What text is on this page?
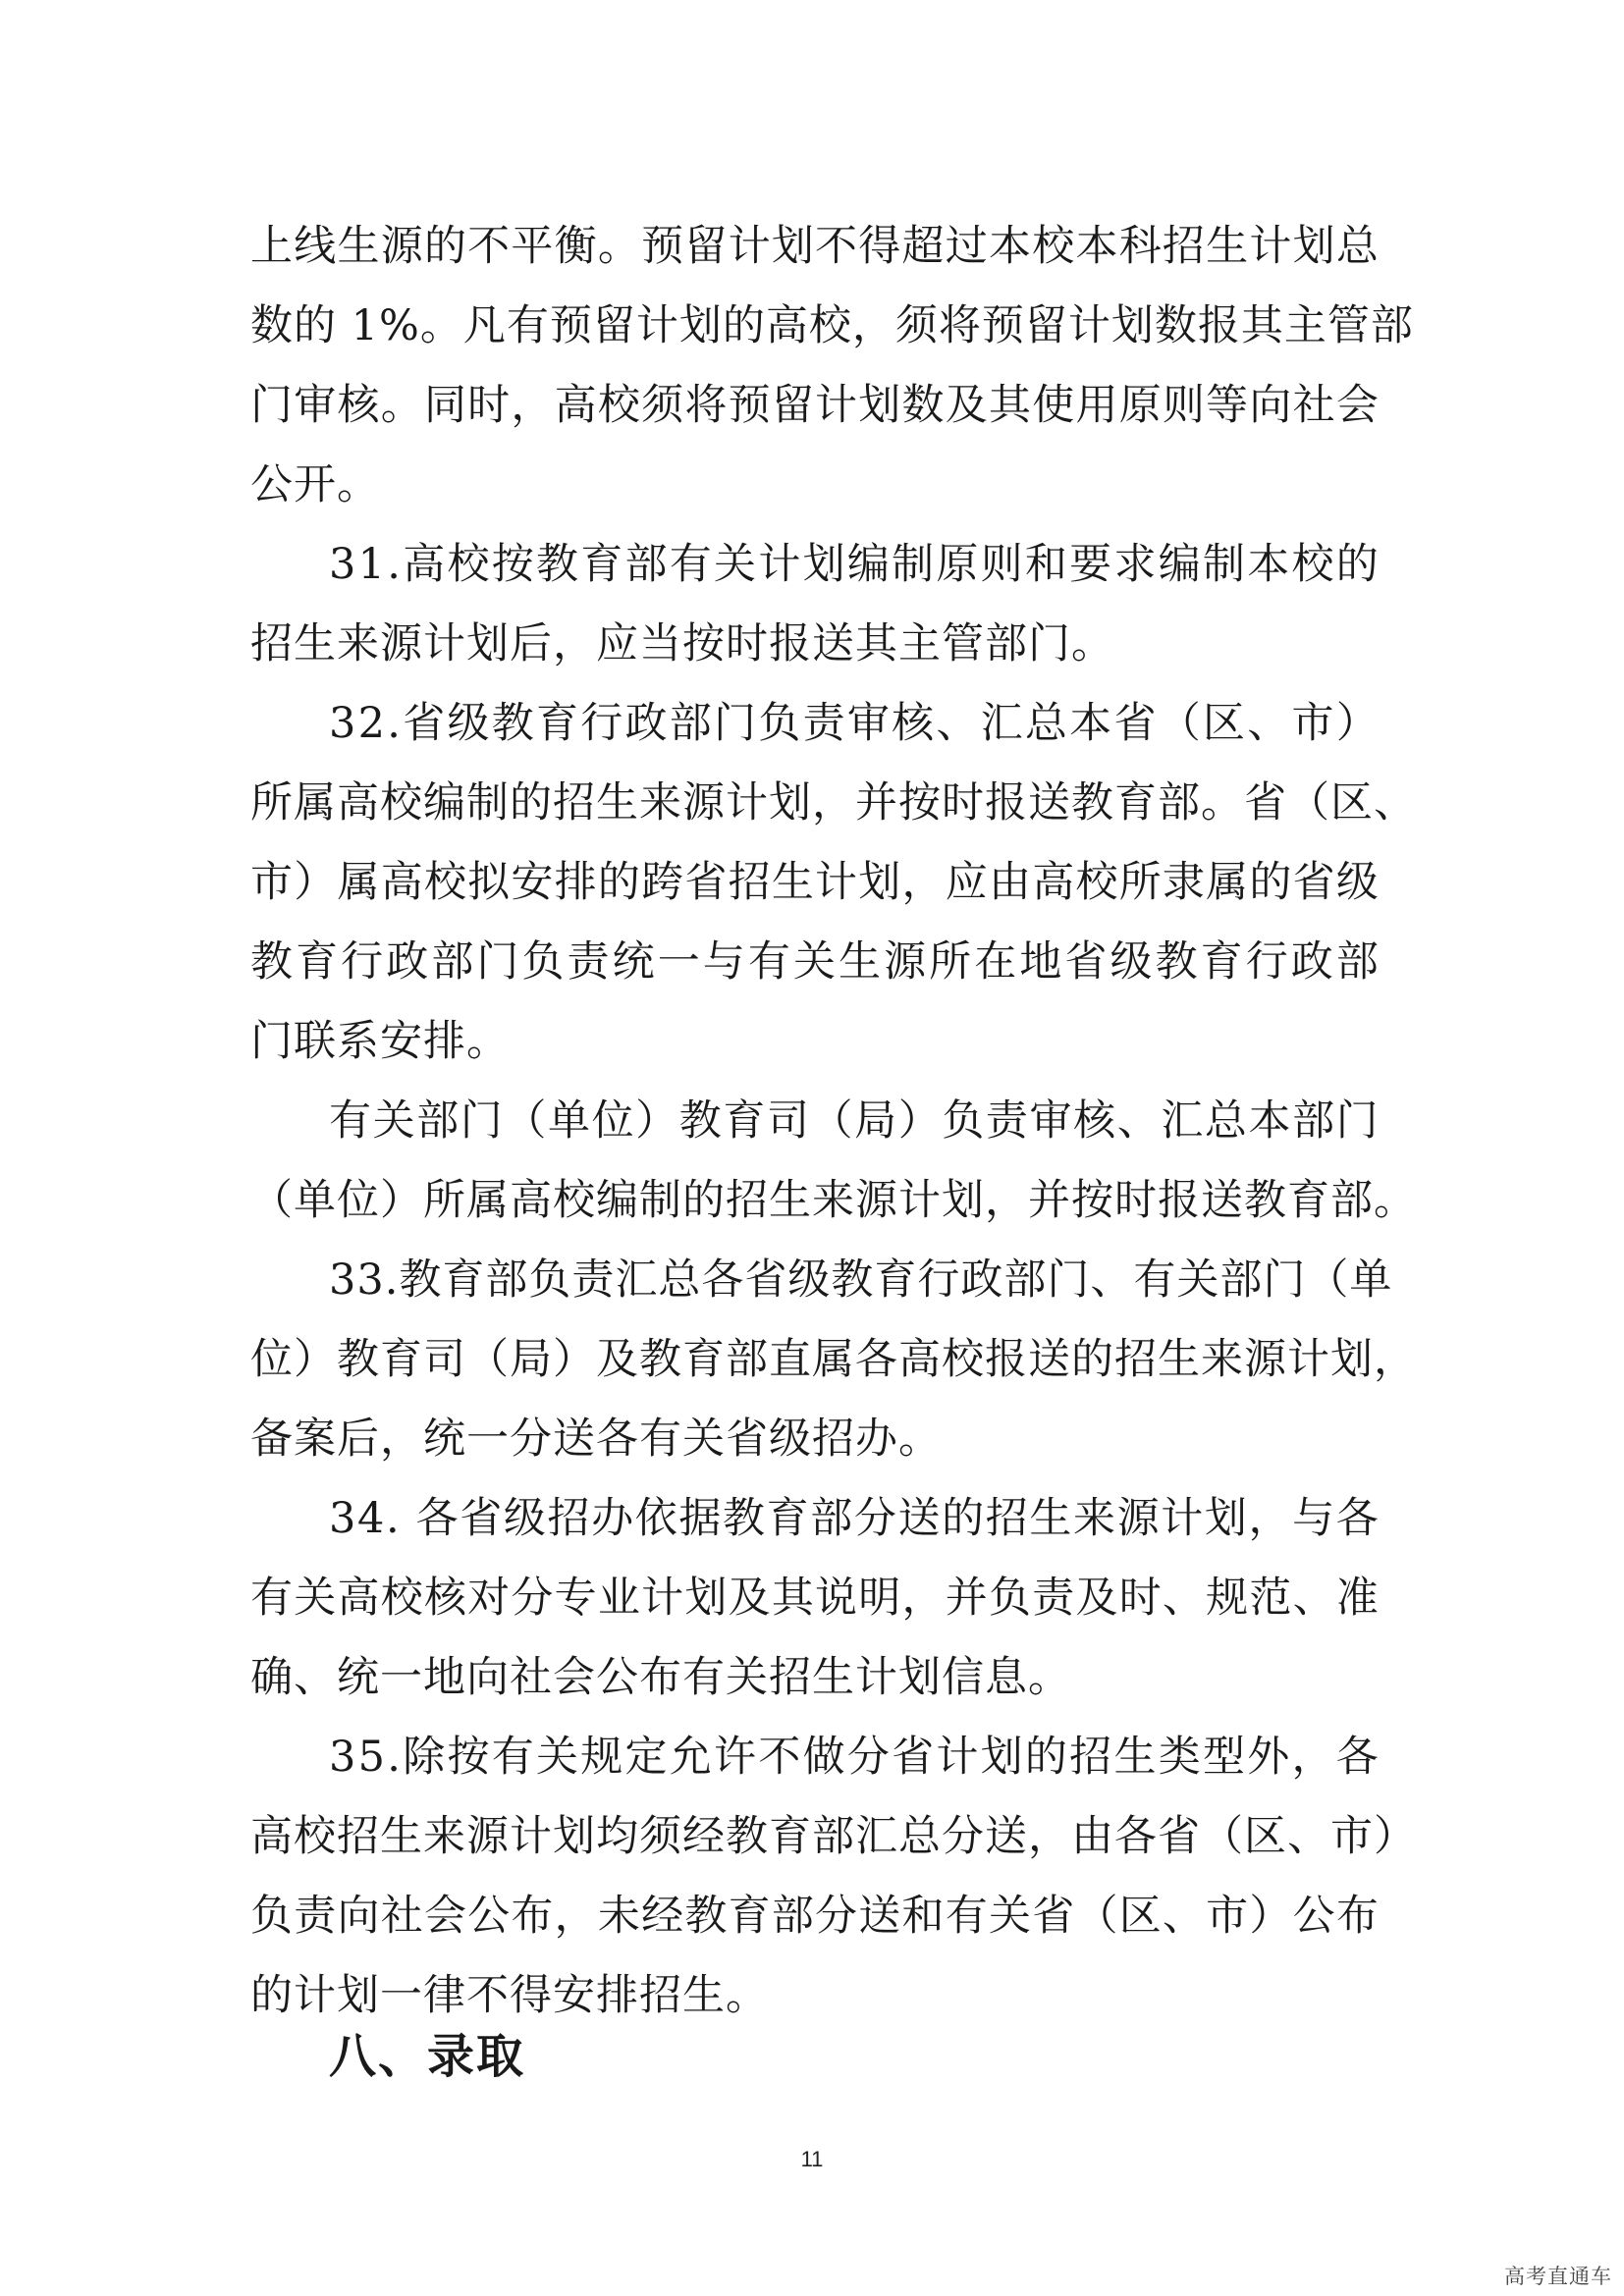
上 线 生 源 的 不 平 衡 。 预 留 计 划 不 得 超 过 本 校 本 科 招 生 计 划 总
数 的
1 % 。 凡 有 预 留 计 划 的 高 校 ， 须 将 预 留 计 划 数 报 其 主 管 部
门 审 核 。 同 时 ， 高 校 须 将 预 留 计 划 数 及 其 使 用 原 则 等 向 社 会
公开。
3 1 . 高 校 按 教 育 部 有 关 计 划 编 制 原 则 和 要 求 编 制 本 校 的
招生来源计划后，应当按时报送其主管部门。
3 2 . 省 级 教 育 行 政 部 门 负 责 审 核 、 汇 总 本 省 （ 区 、 市 ）
所 属 高 校 编 制 的 招 生 来 源 计 划 ， 并 按 时 报 送 教 育 部 。 省 （ 区 、
市 ） 属 高 校 拟 安 排 的 跨 省 招 生 计 划 ， 应 由 高 校 所 隶 属 的 省 级
教 育 行 政 部 门 负 责 统 一 与 有 关 生 源 所 在 地 省 级 教 育 行 政 部
门联系安排。
有 关 部 门 （ 单 位 ） 教 育 司 （ 局 ） 负 责 审 核 、 汇 总 本 部 门
（ 单 位 ） 所 属 高 校 编 制 的 招 生 来 源 计 划 ， 并 按 时 报 送 教 育 部 。
3 3 . 教 育 部 负 责 汇 总 各 省 级 教 育 行 政 部 门 、 有 关 部 门 （ 单
位 ） 教 育 司 （ 局 ） 及 教 育 部 直 属 各 高 校 报 送 的 招 生 来 源 计 划 ，
备案后，统一分送各有关省级招办。
3 4 .
各 省 级 招 办 依 据 教 育 部 分 送 的 招 生 来 源 计 划 ， 与 各
有 关 高 校 核 对 分 专 业 计 划 及 其 说 明 ， 并 负 责 及 时 、 规 范 、 准
确、统一地向社会公布有关招生计划信息。
3 5 . 除 按 有 关 规 定 允 许 不 做 分 省 计 划 的 招 生 类 型 外 ， 各
高 校 招 生 来 源 计 划 均 须 经 教 育 部 汇 总 分 送 ， 由 各 省 （ 区 、 市 ）
负 责 向 社 会 公 布 ， 未 经 教 育 部 分 送 和 有 关 省 （ 区 、 市 ） 公 布
的计划一律不得安排招生。
八、录取
11
高考直通车
